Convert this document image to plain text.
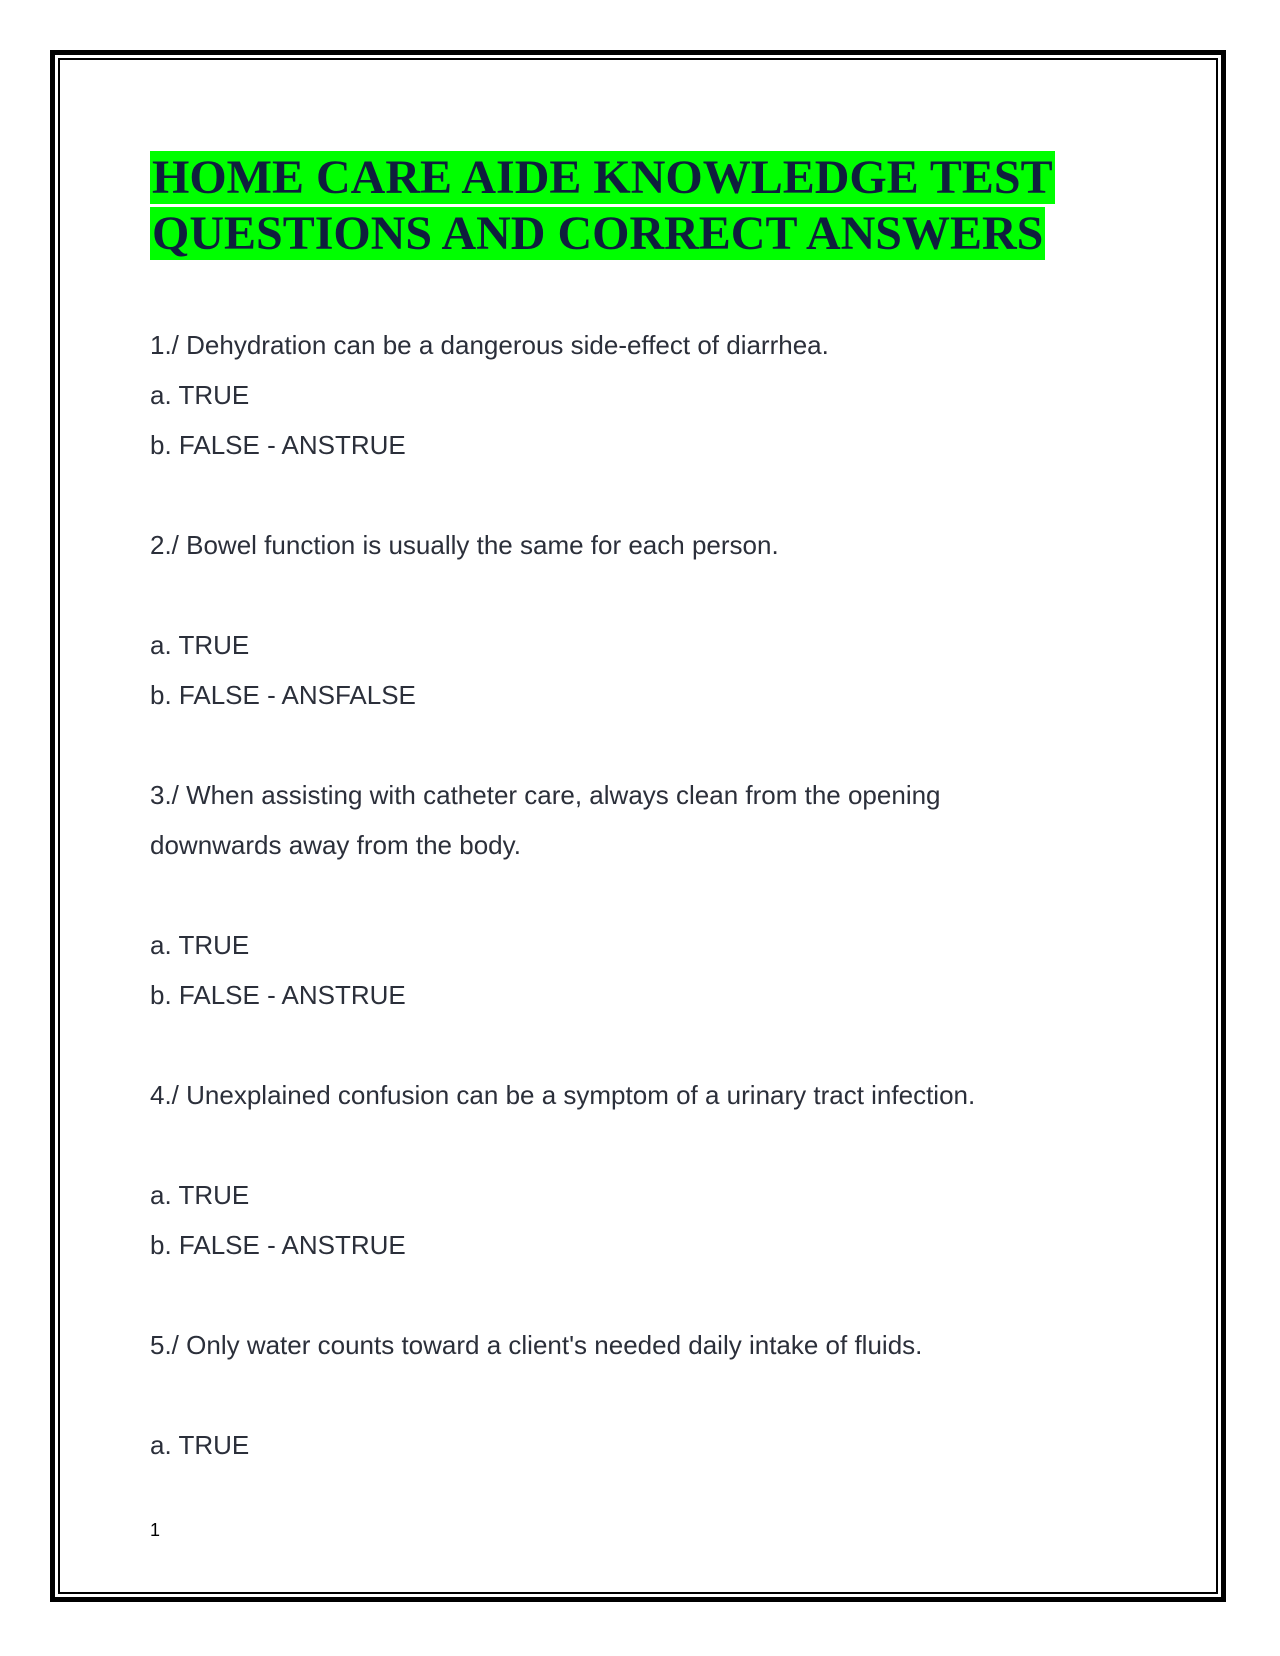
HOME CARE AIDE KNOWLEDGE TEST
QUESTIONS AND CORRECT ANSWERS
1./ Dehydration can be a dangerous side-effect of diarrhea.
a. TRUE
b. FALSE - ANSTRUE
2./ Bowel function is usually the same for each person.
a. TRUE
b. FALSE - ANSFALSE
3./ When assisting with catheter care, always clean from the opening
downwards away from the body.
a. TRUE
b. FALSE - ANSTRUE
4./ Unexplained confusion can be a symptom of a urinary tract infection.
a. TRUE
b. FALSE - ANSTRUE
5./ Only water counts toward a client's needed daily intake of fluids.
a. TRUE
1
